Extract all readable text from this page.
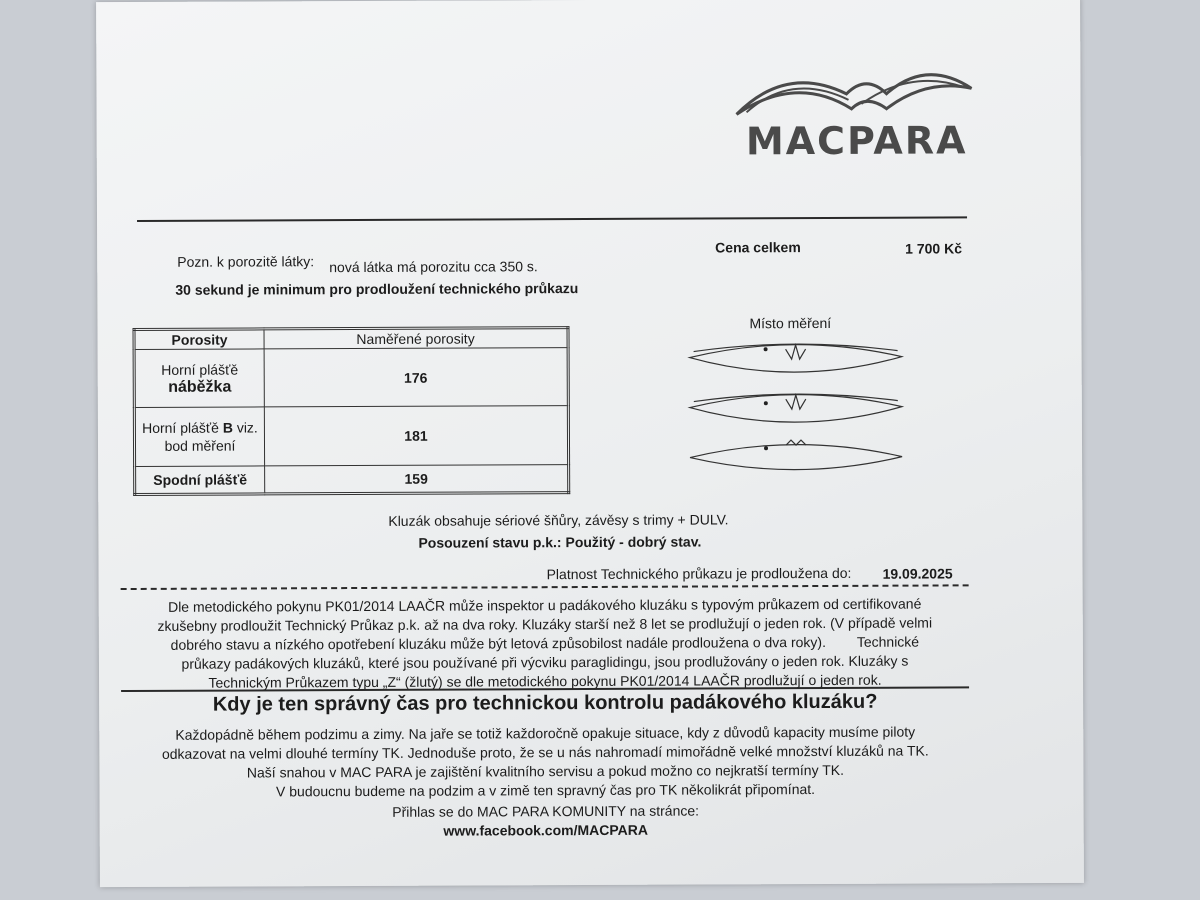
MACPARA
Cena celkem	1 700 Kč
Pozn. k porozitě látky: nová látka má porozitu cca 350 s.
30 sekund je minimum pro prodloužení technického průkazu
Porosity	Naměřené porosity

Horní plášťě
náběžka	176

Horní plášťě B viz.
bod měření	181
Spodní plášťě	159
Místo měření
Kluzák obsahuje sériové šňůry, závěsy s trimy + DULV.
Posouzení stavu p.k.: Použitý - dobrý stav.
Platnost Technického průkazu je prodloužena do: 19.09.2025
Dle metodického pokynu PK01/2014 LAAČR může inspektor u padákového kluzáku s typovým průkazem od certifikované
zkušebny prodloužit Technický Průkaz p.k. až na dva roky. Kluzáky starší než 8 let se prodlužují o jeden rok. (V případě velmi
dobrého stavu a nízkého opotřebení kluzáku může být letová způsobilost nadále prodloužena o dva roky).        Technické
průkazy padákových kluzáků, které jsou používané při výcviku paraglidingu, jsou prodlužovány o jeden rok. Kluzáky s
Technickým Průkazem typu „Z“ (žlutý) se dle metodického pokynu PK01/2014 LAAČR prodlužují o jeden rok.
Kdy je ten správný čas pro technickou kontrolu padákového kluzáku?
Každopádně během podzimu a zimy. Na jaře se totiž každoročně opakuje situace, kdy z důvodů kapacity musíme piloty
odkazovat na velmi dlouhé termíny TK. Jednoduše proto, že se u nás nahromadí mimořádně velké množství kluzáků na TK.
Naší snahou v MAC PARA je zajištění kvalitního servisu a pokud možno co nejkratší termíny TK.
V budoucnu budeme na podzim a v zimě ten spravný čas pro TK několikrát připomínat.
Přihlas se do MAC PARA KOMUNITY na stránce:
www.facebook.com/MACPARA
